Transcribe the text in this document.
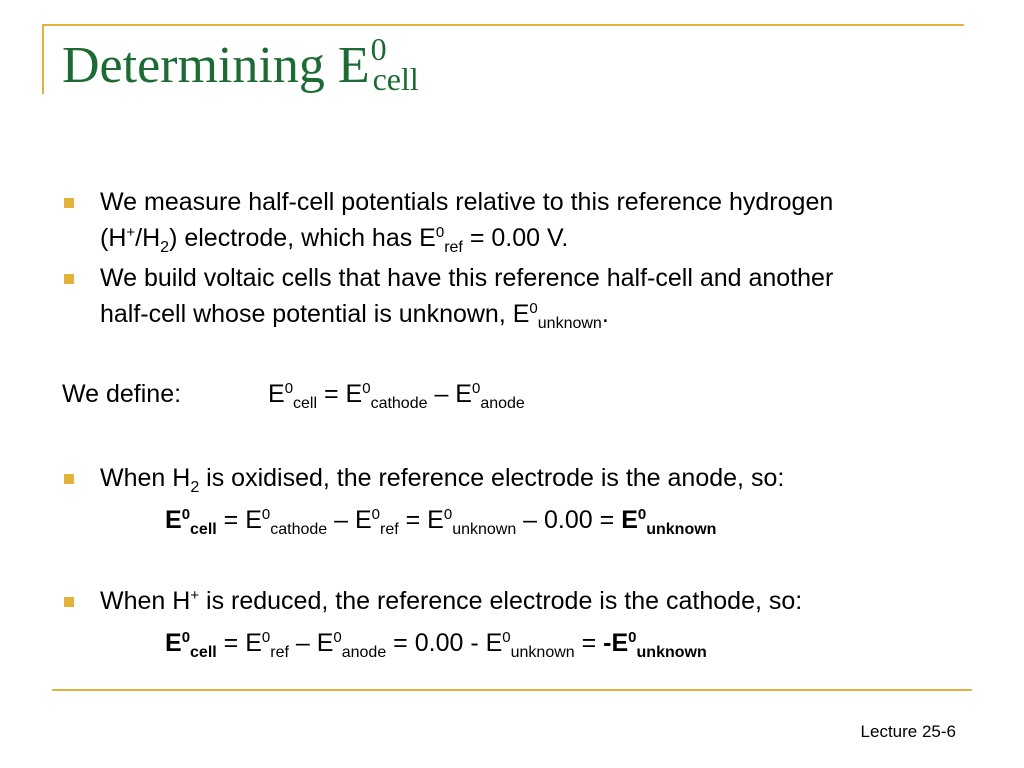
Determining $E^0cell$
We measure half-cell potentials relative to this reference hydrogen
$(H^+/H_2)$ electrode, which has $E^0_{ref} = 0.00$ V.
We build voltaic cells that have this reference half-cell and another
half-cell whose potential is unknown, $E^0_{unknown}$.
We define:	$E^0_{cell} = E^0_{cathode} - E^0_{anode}$
When $H_2$ is oxidised, the reference electrode is the anode, so:
$E^0_{cell} = E^0_{cathode} - E^0_{ref} = E^0_{unknown} - 0.00 = E^0_{unknown}$
When H+ is reduced, the reference electrode is the cathode, so:
$E^0_{cell} = E^0_{ref} - E^0_{anode} = 0.00 - E^0_{unknown} = -E^0_{unknown}$
Lecture 25-6
